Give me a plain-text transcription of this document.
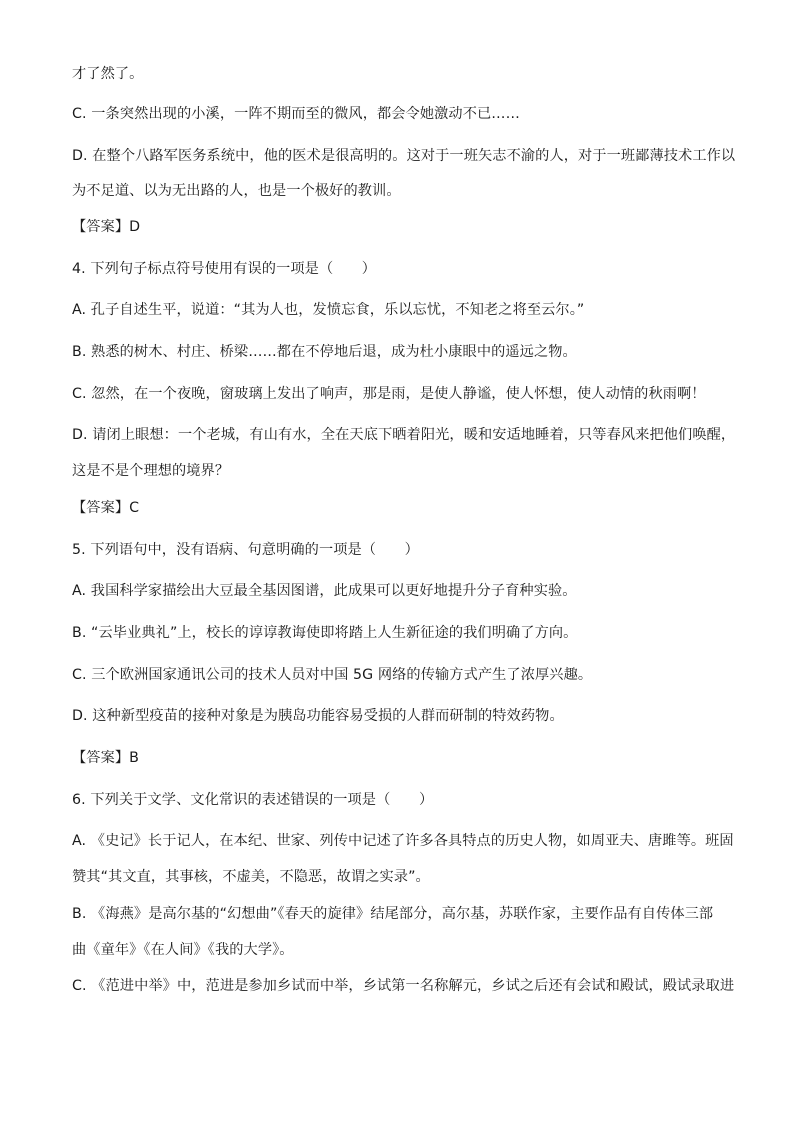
才了然了。
C. 一条突然出现的小溪，一阵不期而至的微风，都会令她激动不已……
D. 在整个八路军医务系统中，他的医术是很高明的。这对于一班矢志不渝的人，对于一班鄙薄技术工作以
为不足道、以为无出路的人，也是一个极好的教训。
【答案】D
4. 下列句子标点符号使用有误的一项是（　　）
A. 孔子自述生平，说道：“其为人也，发愤忘食，乐以忘忧，不知老之将至云尔。”
B. 熟悉的树木、村庄、桥梁……都在不停地后退，成为杜小康眼中的遥远之物。
C. 忽然，在一个夜晚，窗玻璃上发出了响声，那是雨，是使人静谧，使人怀想，使人动情的秋雨啊！
D. 请闭上眼想：一个老城，有山有水，全在天底下晒着阳光，暖和安适地睡着，只等春风来把他们唤醒，
这是不是个理想的境界？
【答案】C
5. 下列语句中，没有语病、句意明确的一项是（　　）
A. 我国科学家描绘出大豆最全基因图谱，此成果可以更好地提升分子育种实验。
B. “云毕业典礼”上，校长的谆谆教诲使即将踏上人生新征途的我们明确了方向。
C. 三个欧洲国家通讯公司的技术人员对中国 5G 网络的传输方式产生了浓厚兴趣。
D. 这种新型疫苗的接种对象是为胰岛功能容易受损的人群而研制的特效药物。
【答案】B
6. 下列关于文学、文化常识的表述错误的一项是（　　）
A. 《史记》长于记人，在本纪、世家、列传中记述了许多各具特点的历史人物，如周亚夫、唐雎等。班固
赞其“其文直，其事核，不虚美，不隐恶，故谓之实录”。
B. 《海燕》是高尔基的“幻想曲”《春天的旋律》结尾部分，高尔基，苏联作家，主要作品有自传体三部
曲《童年》《在人间》《我的大学》。
C. 《范进中举》中，范进是参加乡试而中举，乡试第一名称解元，乡试之后还有会试和殿试，殿试录取进
